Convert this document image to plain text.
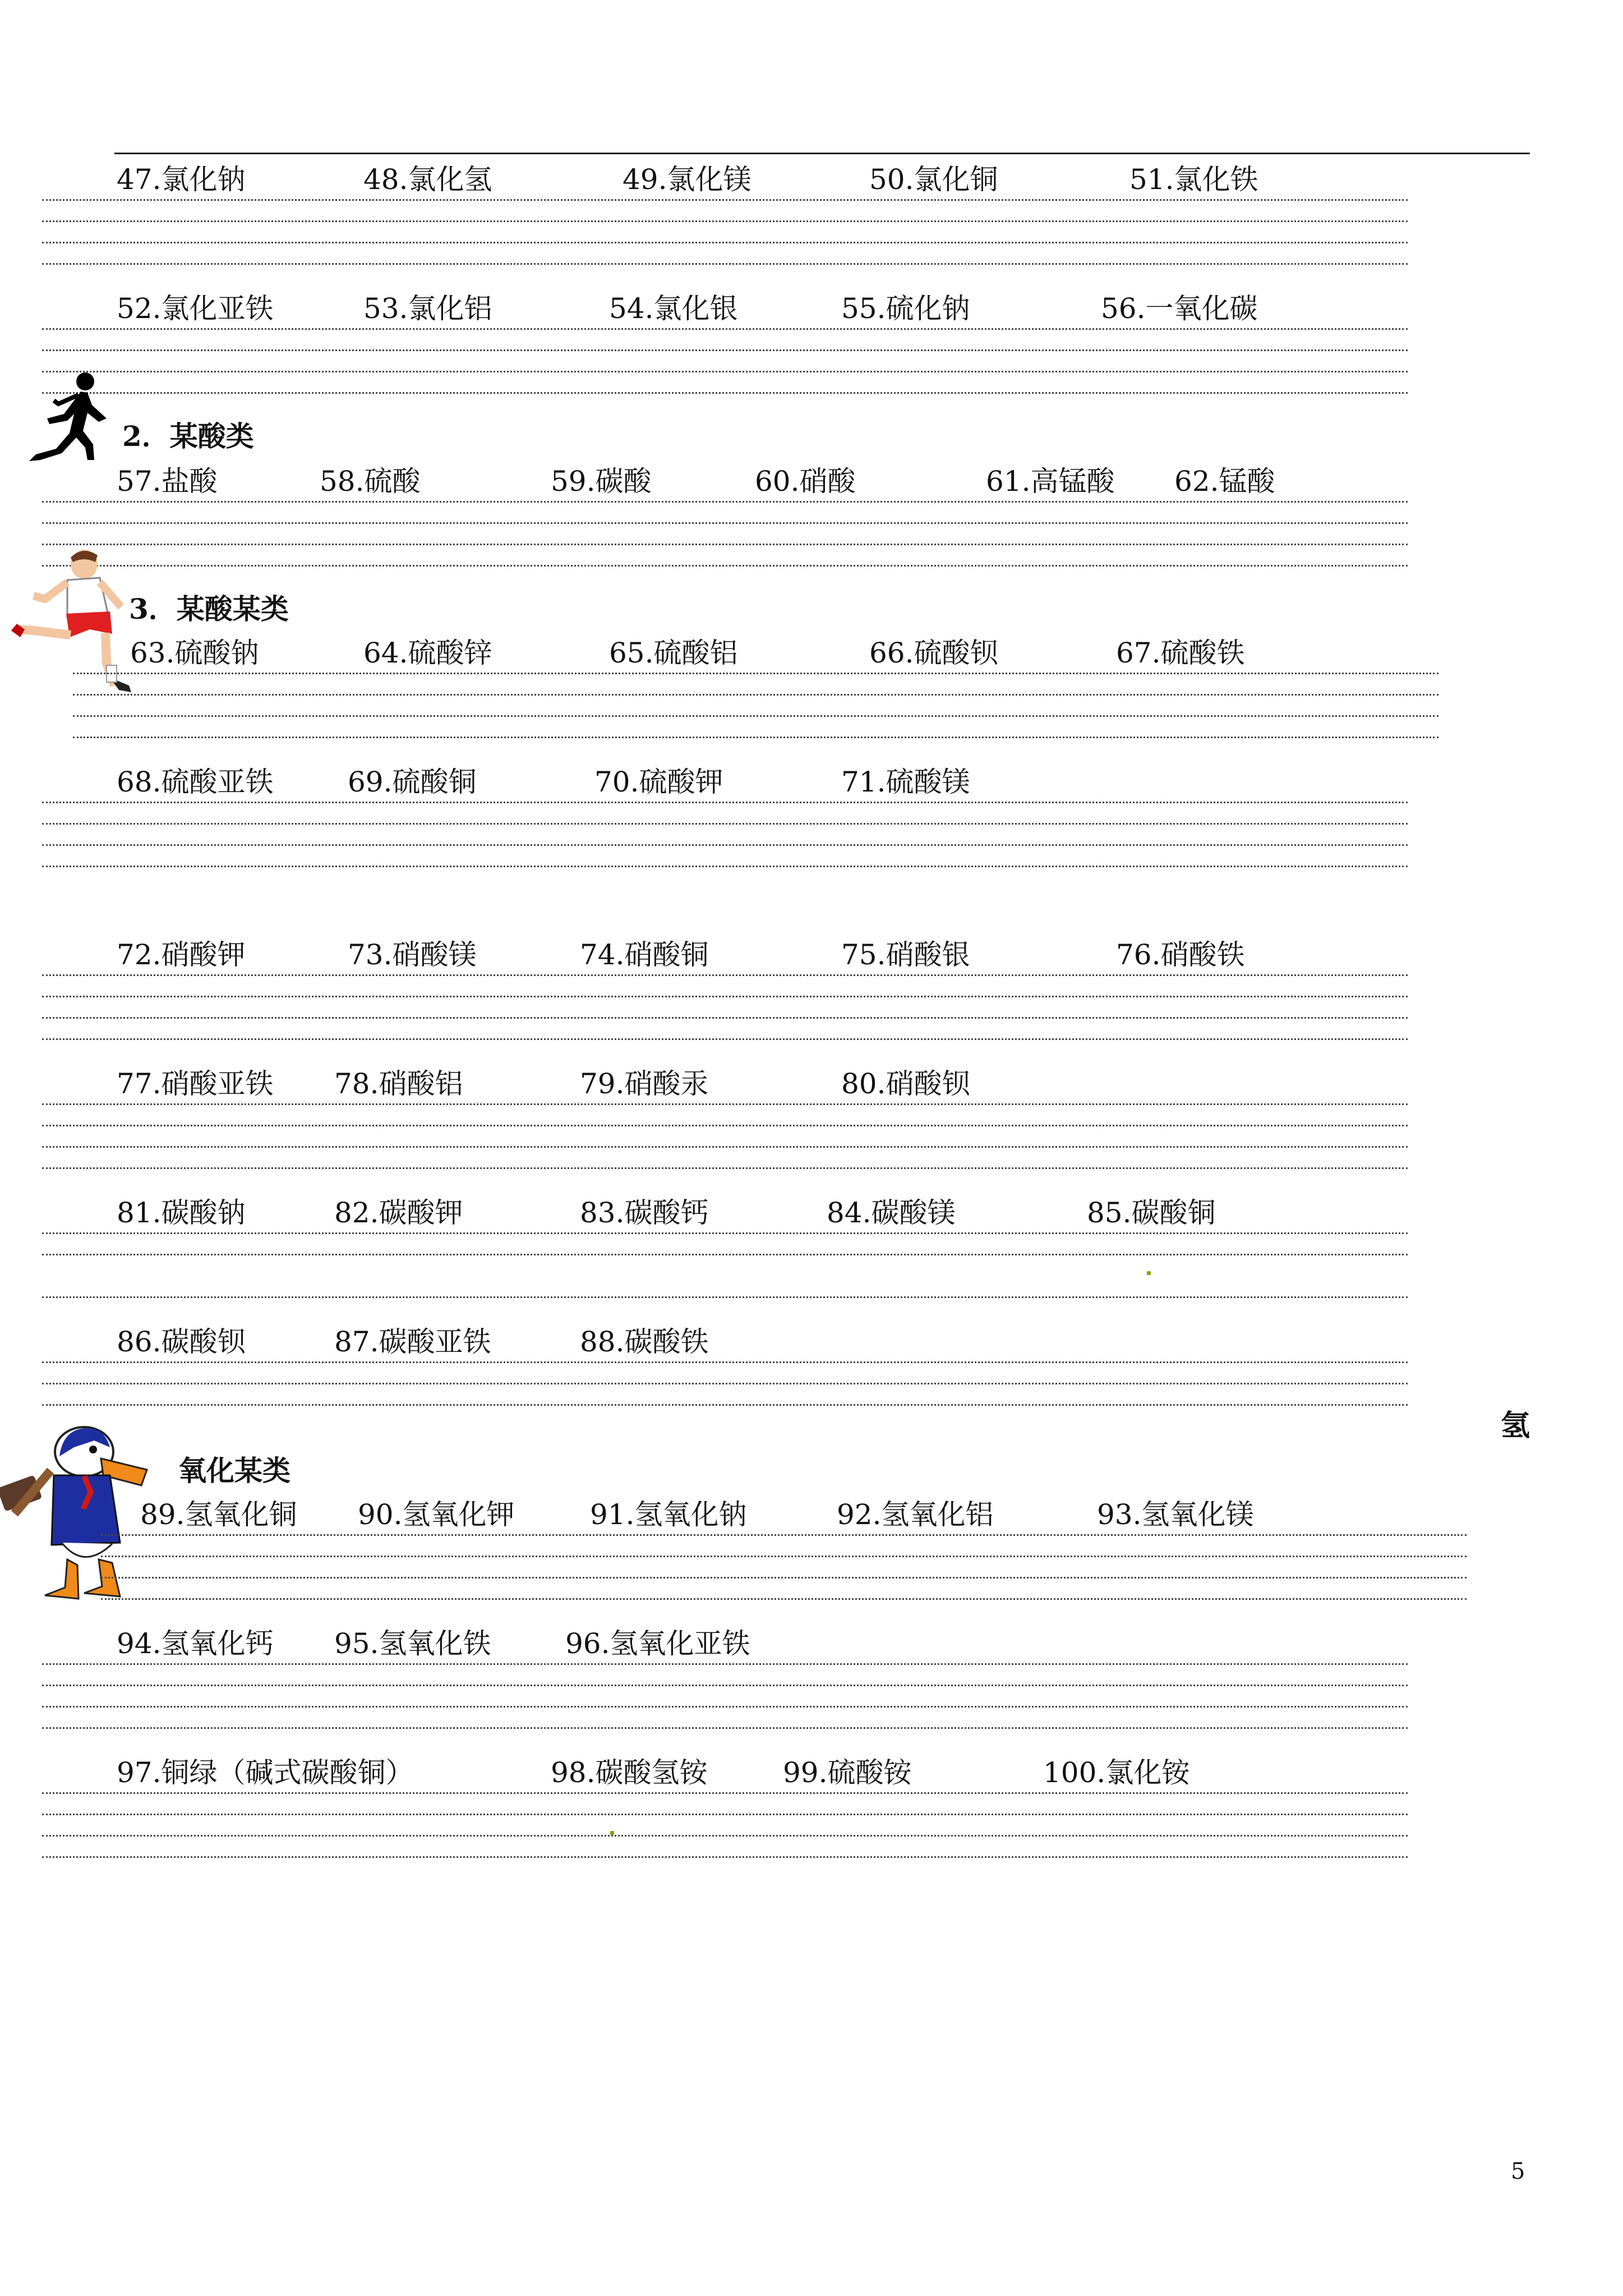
47.氯化钠	48.氯化氢	49.氯化镁	50.氯化铜	51.氯化铁
52.氯化亚铁	53.氯化铝	54.氯化银	55.硫化钠	56.一氧化碳
2．某酸类
57.盐酸	58.硫酸	59.碳酸	60.硝酸	61.高锰酸 62.锰酸
3．某酸某类
63.硫酸钠	64.硫酸锌	65.硫酸铝	66.硫酸钡	67.硫酸铁
68.硫酸亚铁	69.硫酸铜	70.硫酸钾	71.硫酸镁
72.硝酸钾	73.硝酸镁	74.硝酸铜	75.硝酸银	76.硝酸铁
77.硝酸亚铁 78.硝酸铝	79.硝酸汞	80.硝酸钡
81.碳酸钠	82.碳酸钾	83.碳酸钙	84.碳酸镁	85.碳酸铜
86.碳酸钡	87.碳酸亚铁	88.碳酸铁
氢
氧化某类
89.氢氧化铜 90.氢氧化钾	91.氢氧化钠	92.氢氧化铝	93.氢氧化镁
94.氢氧化钙 95.氢氧化铁	96.氢氧化亚铁
97.铜绿（碱式碳酸铜）	98.碳酸氢铵	99.硫酸铵	100.氯化铵
5
